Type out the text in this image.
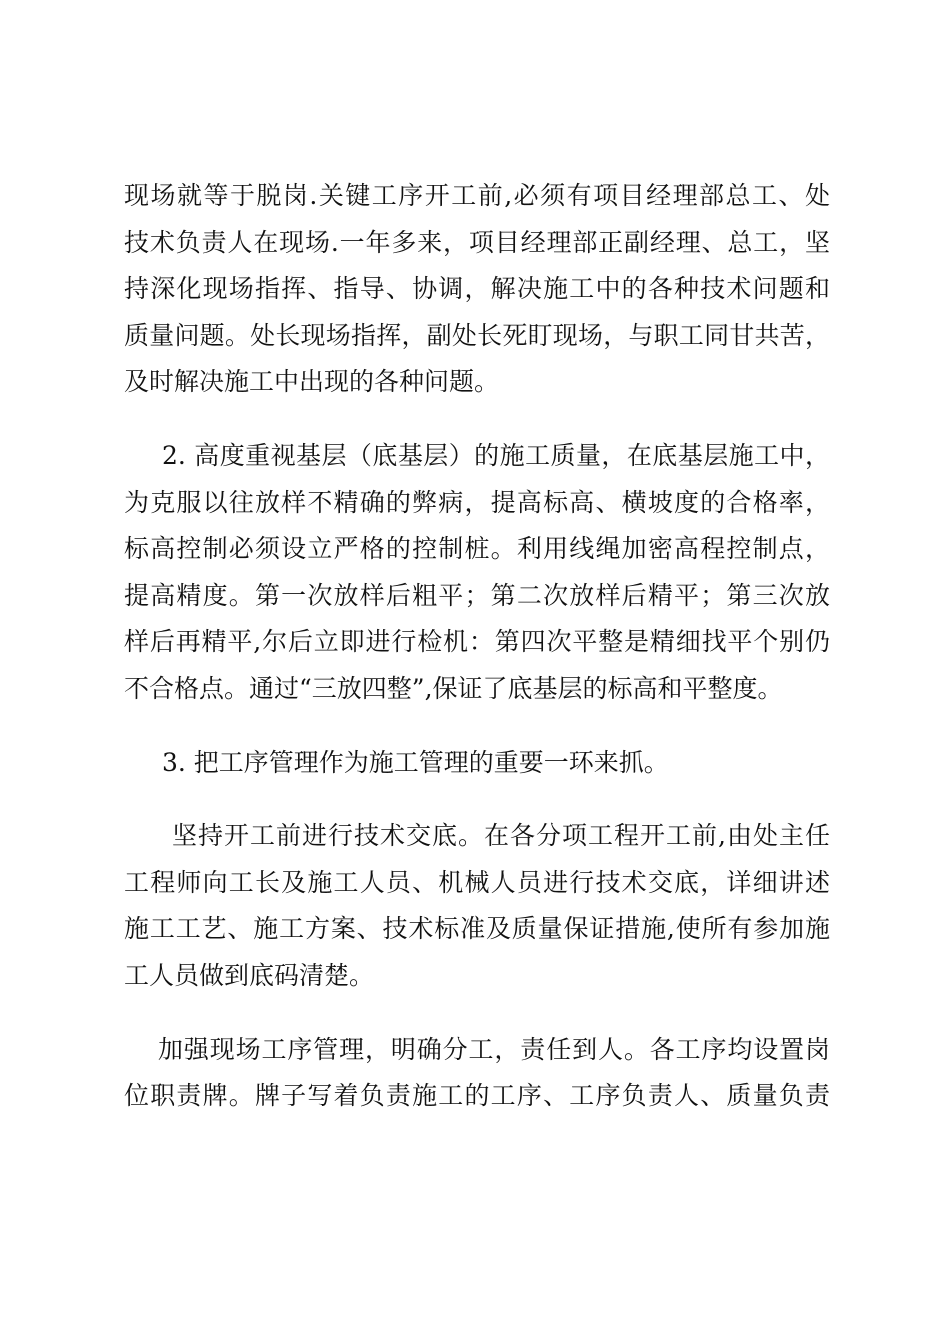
现场就等于脱岗.关键工序开工前,必须有项目经理部总工、处
技术负责人在现场.一年多来，项目经理部正副经理、总工，坚
持深化现场指挥、指导、协调，解决施工中的各种技术问题和
质量问题。处长现场指挥，副处长死盯现场，与职工同甘共苦，
及时解决施工中出现的各种问题。
2. 高度重视基层（底基层）的施工质量，在底基层施工中，
为克服以往放样不精确的弊病，提高标高、横坡度的合格率，
标高控制必须设立严格的控制桩。利用线绳加密高程控制点，
提高精度。第一次放样后粗平；第二次放样后精平；第三次放
样后再精平,尔后立即进行检机：第四次平整是精细找平个别仍
不合格点。通过“三放四整”,保证了底基层的标高和平整度。
3. 把工序管理作为施工管理的重要一环来抓。
坚持开工前进行技术交底。在各分项工程开工前,由处主任
工程师向工长及施工人员、机械人员进行技术交底，详细讲述
施工工艺、施工方案、技术标准及质量保证措施,使所有参加施
工人员做到底码清楚。
加强现场工序管理，明确分工，责任到人。各工序均设置岗
位职责牌。牌子写着负责施工的工序、工序负责人、质量负责
